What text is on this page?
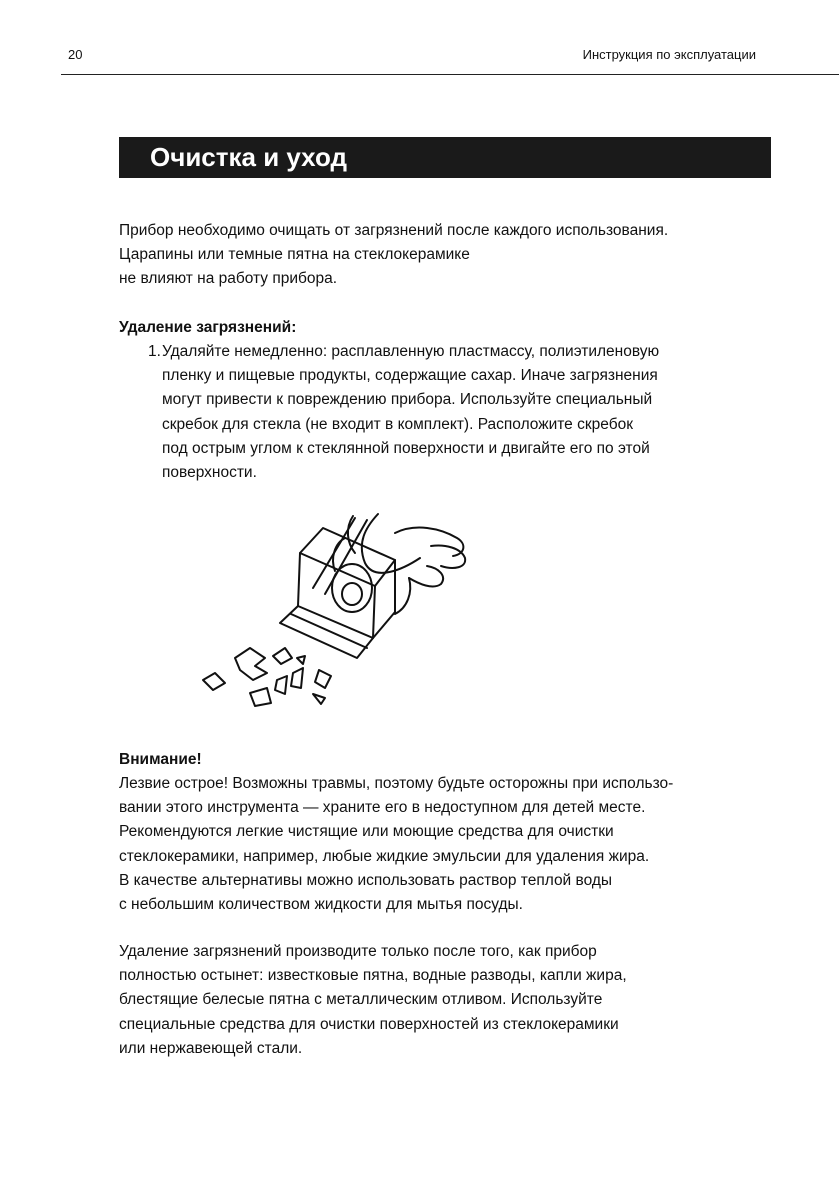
20	Инструкция по эксплуатации
Очистка и уход
Прибор необходимо очищать от загрязнений после каждого использования.
Царапины или темные пятна на стеклокерамике
не влияют на работу прибора.
Удаление загрязнений:
1. Удаляйте немедленно: расплавленную пластмассу, полиэтиленовую
пленку и пищевые продукты, содержащие сахар. Иначе загрязнения
могут привести к повреждению прибора. Используйте специальный
скребок для стекла (не входит в комплект). Расположите скребок
под острым углом к стеклянной поверхности и двигайте его по этой
поверхности.
Внимание!
Лезвие острое! Возможны травмы, поэтому будьте осторожны при использо-
вании этого инструмента — храните его в недоступном для детей месте.
Рекомендуются легкие чистящие или моющие средства для очистки
стеклокерамики, например, любые жидкие эмульсии для удаления жира.
В качестве альтернативы можно использовать раствор теплой воды
с небольшим количеством жидкости для мытья посуды.
Удаление загрязнений производите только после того, как прибор
полностью остынет: известковые пятна, водные разводы, капли жира,
блестящие белесые пятна с металлическим отливом. Используйте
специальные средства для очистки поверхностей из стеклокерамики
или нержавеющей стали.
